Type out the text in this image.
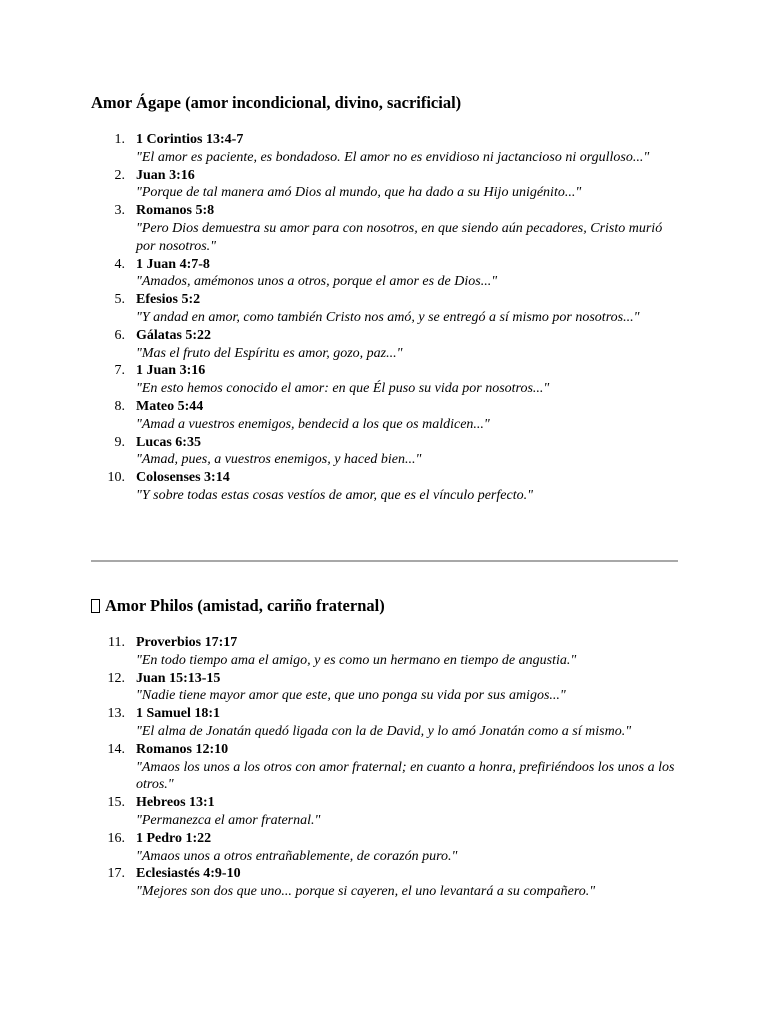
Amor Ágape (amor incondicional, divino, sacrificial)
1. 1 Corintios 13:4-7
"El amor es paciente, es bondadoso. El amor no es envidioso ni jactancioso ni orgulloso..."
2. Juan 3:16
"Porque de tal manera amó Dios al mundo, que ha dado a su Hijo unigénito..."
3. Romanos 5:8
"Pero Dios demuestra su amor para con nosotros, en que siendo aún pecadores, Cristo murió por nosotros."
4. 1 Juan 4:7-8
"Amados, amémonos unos a otros, porque el amor es de Dios..."
5. Efesios 5:2
"Y andad en amor, como también Cristo nos amó, y se entregó a sí mismo por nosotros..."
6. Gálatas 5:22
"Mas el fruto del Espíritu es amor, gozo, paz..."
7. 1 Juan 3:16
"En esto hemos conocido el amor: en que Él puso su vida por nosotros..."
8. Mateo 5:44
"Amad a vuestros enemigos, bendecid a los que os maldicen..."
9. Lucas 6:35
"Amad, pues, a vuestros enemigos, y haced bien..."
10. Colosenses 3:14
"Y sobre todas estas cosas vestíos de amor, que es el vínculo perfecto."
Amor Philos (amistad, cariño fraternal)
11. Proverbios 17:17
"En todo tiempo ama el amigo, y es como un hermano en tiempo de angustia."
12. Juan 15:13-15
"Nadie tiene mayor amor que este, que uno ponga su vida por sus amigos..."
13. 1 Samuel 18:1
"El alma de Jonatán quedó ligada con la de David, y lo amó Jonatán como a sí mismo."
14. Romanos 12:10
"Amaos los unos a los otros con amor fraternal; en cuanto a honra, prefiriéndoos los unos a los otros."
15. Hebreos 13:1
"Permanezca el amor fraternal."
16. 1 Pedro 1:22
"Amaos unos a otros entrañablemente, de corazón puro."
17. Eclesiastés 4:9-10
"Mejores son dos que uno... porque si cayeren, el uno levantará a su compañero."
